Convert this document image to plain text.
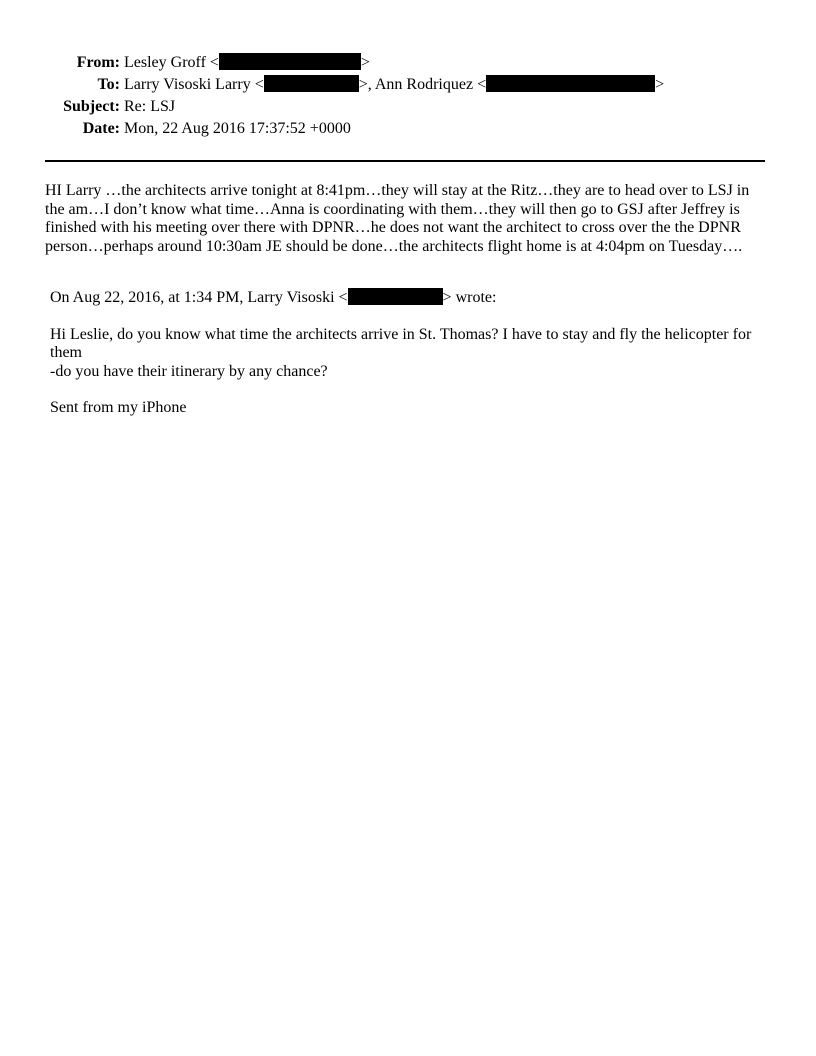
From: Lesley Groff <	>
To: Larry Visoski Larry <	>, Ann Rodriquez <	>
Subject: Re: LSJ
Date: Mon, 22 Aug 2016 17:37:52 +0000

HI Larry …the architects arrive tonight at 8:41pm…they will stay at the Ritz…they are to head over to LSJ in

the am…I don’t know what time…Anna is coordinating with them…they will then go to GSJ after Jeffrey is

finished with his meeting over there with DPNR…he does not want the architect to cross over the the DPNR

person…perhaps around 10:30am JE should be done…the architects flight home is at 4:04pm on Tuesday….

On Aug 22, 2016, at 1:34 PM, Larry Visoski <	> wrote:

Hi Leslie, do you know what time the architects arrive in St. Thomas? I have to stay and fly the helicopter for

them

-do you have their itinerary by any chance?

Sent from my iPhone
